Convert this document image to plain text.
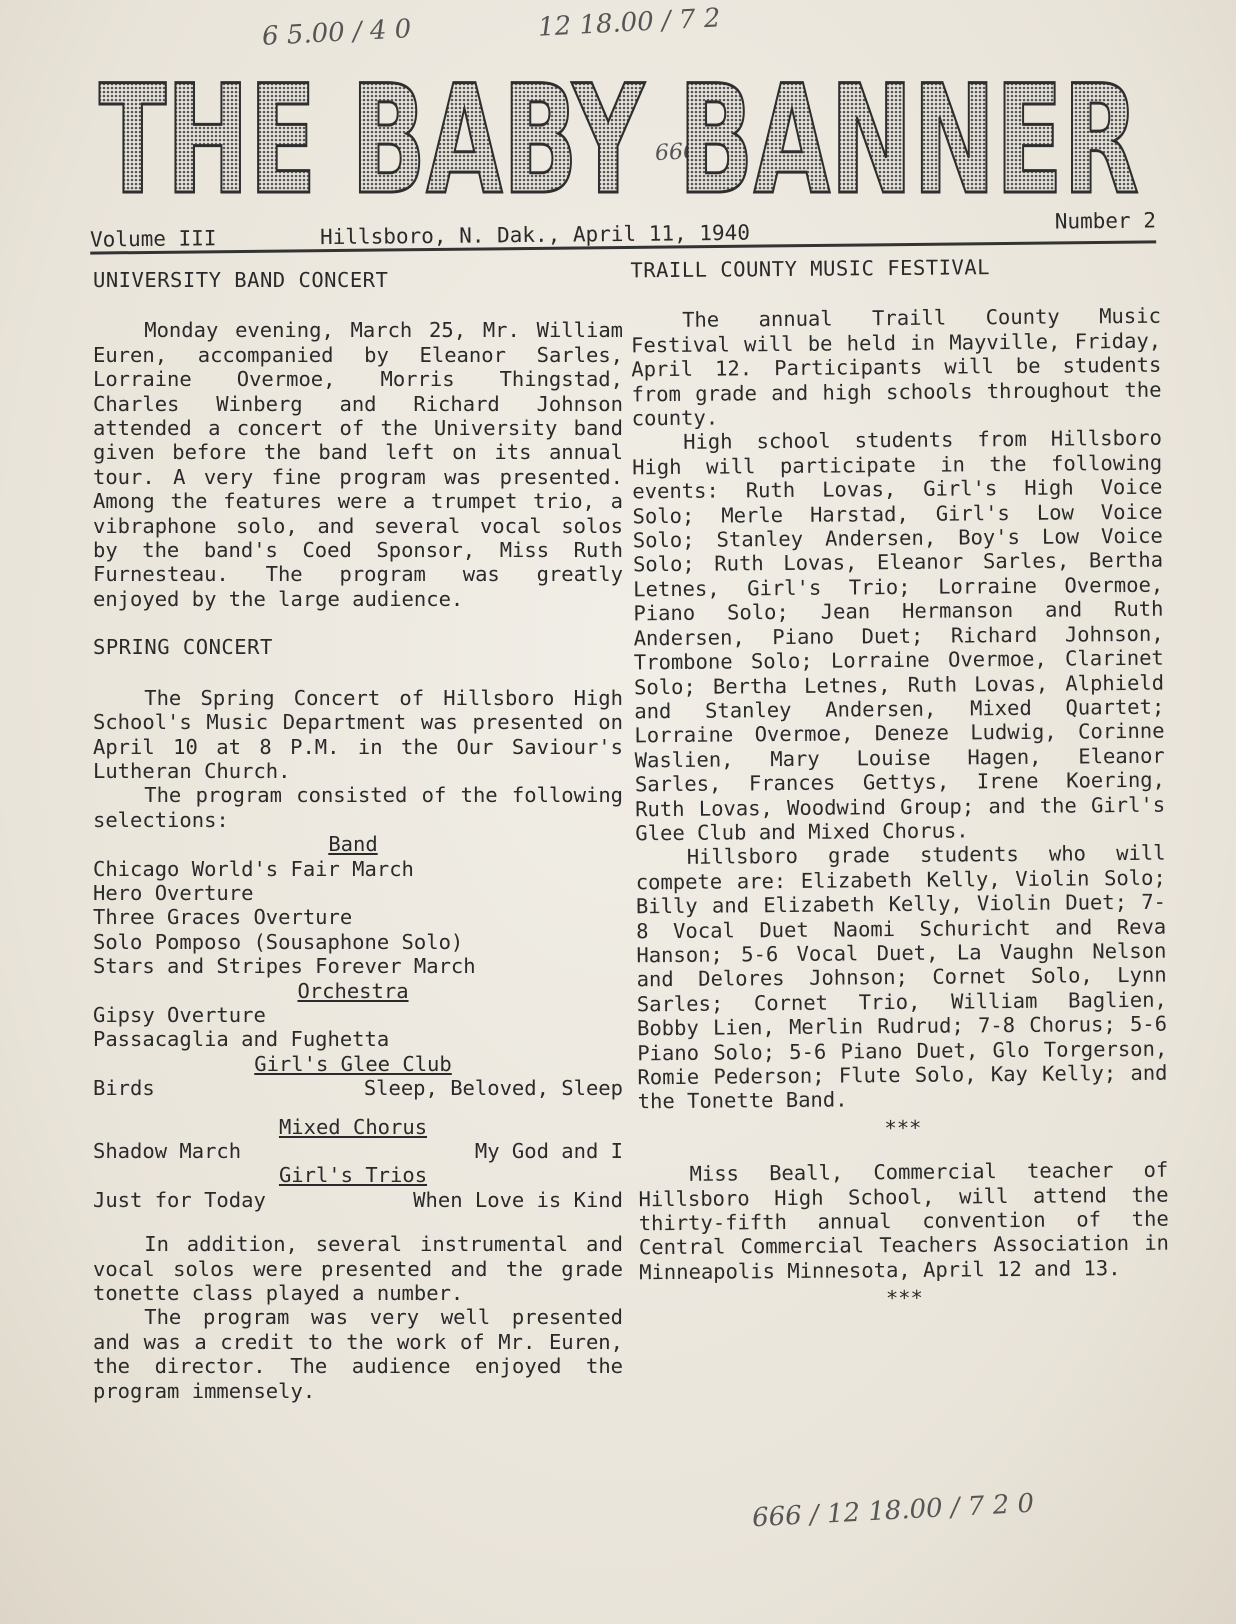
6 5.00 / 4 0	12 18.00 / 7 2
666
666 / 12 18.00 / 7 2 0
THE BABY BANNER
Volume III	Hillsboro, N. Dak., April 11, 1940	Number 2
UNIVERSITY BAND CONCERT

Monday evening, March 25, Mr. William Euren, accompanied by Eleanor Sarles, Lorraine Overmoe, Morris Thingstad, Charles Winberg and Richard Johnson attended a concert of the University band given before the band left on its annual tour. A very fine program was presented. Among the features were a trumpet trio, a vibraphone solo, and several vocal solos by the band's Coed Sponsor, Miss Ruth Furnesteau. The program was greatly enjoyed by the large audience.

SPRING CONCERT

The Spring Concert of Hillsboro High School's Music Department was presented on April 10 at 8 P.M. in the Our Saviour's Lutheran Church.

The program consisted of the following selections:

Band

Chicago World's Fair March

Hero Overture

Three Graces Overture

Solo Pomposo (Sousaphone Solo)

Stars and Stripes Forever March

Orchestra

Gipsy Overture

Passacaglia and Fughetta

Girl's Glee Club

Birds	Sleep, Beloved, Sleep

Mixed Chorus

Shadow March	My God and I

Girl's Trios

Just for Today	When Love is Kind

In addition, several instrumental and vocal solos were presented and the grade tonette class played a number.

The program was very well presented and was a credit to the work of Mr. Euren, the director. The audience enjoyed the program immensely.

TRAILL COUNTY MUSIC FESTIVAL

The annual Traill County Music Festival will be held in Mayville, Friday, April 12. Participants will be students from grade and high schools throughout the county.

High school students from Hillsboro High will participate in the following events: Ruth Lovas, Girl's High Voice Solo; Merle Harstad, Girl's Low Voice Solo; Stanley Andersen, Boy's Low Voice Solo; Ruth Lovas, Eleanor Sarles, Bertha Letnes, Girl's Trio; Lorraine Overmoe, Piano Solo; Jean Hermanson and Ruth Andersen, Piano Duet; Richard Johnson, Trombone Solo; Lorraine Overmoe, Clarinet Solo; Bertha Letnes, Ruth Lovas, Alphield and Stanley Andersen, Mixed Quartet; Lorraine Overmoe, Deneze Ludwig, Corinne Waslien, Mary Louise Hagen, Eleanor Sarles, Frances Gettys, Irene Koering, Ruth Lovas, Woodwind Group; and the Girl's Glee Club and Mixed Chorus.

Hillsboro grade students who will compete are: Elizabeth Kelly, Violin Solo; Billy and Elizabeth Kelly, Violin Duet; 7-8 Vocal Duet Naomi Schuricht and Reva Hanson; 5-6 Vocal Duet, La Vaughn Nelson and Delores Johnson; Cornet Solo, Lynn Sarles; Cornet Trio, William Baglien, Bobby Lien, Merlin Rudrud; 7-8 Chorus; 5-6 Piano Solo; 5-6 Piano Duet, Glo Torgerson, Romie Pederson; Flute Solo, Kay Kelly; and the Tonette Band.

***

Miss Beall, Commercial teacher of Hillsboro High School, will attend the thirty-fifth annual convention of the Central Commercial Teachers Association in Minneapolis Minnesota, April 12 and 13.

***
